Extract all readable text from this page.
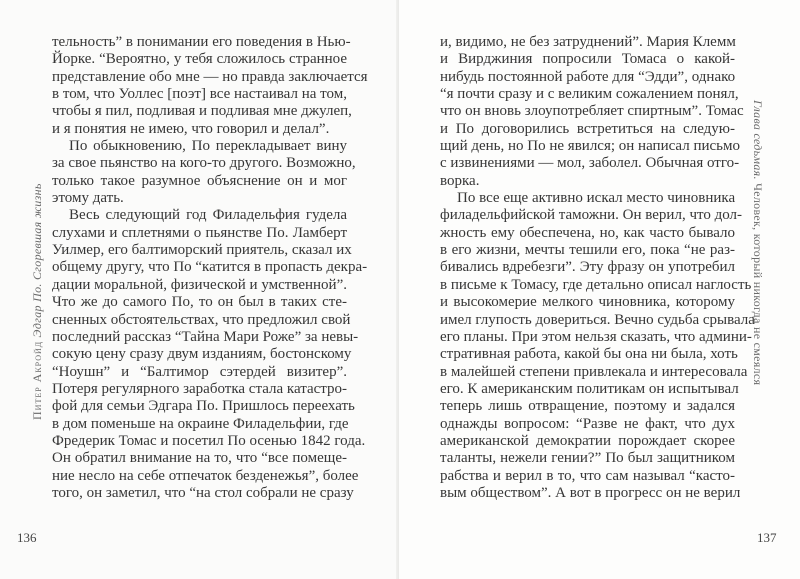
Питер Акройд Эдгар По. Сгоревшая жизнь
тельность” в понимании его поведения в Нью-
Йорке. “Вероятно, у тебя сложилось странное
представление обо мне — но правда заключается
в том, что Уоллес [поэт] все настаивал на том,
чтобы я пил, подливая и подливая мне джулеп,
и я понятия не имею, что говорил и делал”.
По обыкновению, По перекладывает вину
за свое пьянство на кого-то другого. Возможно,
только такое разумное объяснение он и мог
этому дать.
Весь следующий год Филадельфия гудела
слухами и сплетнями о пьянстве По. Ламберт
Уилмер, его балтиморский приятель, сказал их
общему другу, что По “катится в пропасть декра-
дации моральной, физической и умственной”.
Что же до самого По, то он был в таких сте-
сненных обстоятельствах, что предложил свой
последний рассказ “Тайна Мари Роже” за невы-
сокую цену сразу двум изданиям, бостонскому
“Ноушн” и “Балтимор сэтердей визитер”.
Потеря регулярного заработка стала катастро-
фой для семьи Эдгара По. Пришлось переехать
в дом поменьше на окраине Филадельфии, где
Фредерик Томас и посетил По осенью 1842 года.
Он обратил внимание на то, что “все помеще-
ние несло на себе отпечаток безденежья”, более
того, он заметил, что “на стол собрали не сразу
136
Глава седьмая. Человек, который никогда не смеялся
и, видимо, не без затруднений”. Мария Клемм
и Вирджиния попросили Томаса о какой-
нибудь постоянной работе для “Эдди”, однако
“я почти сразу и с великим сожалением понял,
что он вновь злоупотребляет спиртным”. Томас
и По договорились встретиться на следую-
щий день, но По не явился; он написал письмо
с извинениями — мол, заболел. Обычная отго-
ворка.
По все еще активно искал место чиновника
филадельфийской таможни. Он верил, что дол-
жность ему обеспечена, но, как часто бывало
в его жизни, мечты тешили его, пока “не раз-
бивались вдребезги”. Эту фразу он употребил
в письме к Томасу, где детально описал наглость
и высокомерие мелкого чиновника, которому
имел глупость довериться. Вечно судьба срывала
его планы. При этом нельзя сказать, что админи-
стративная работа, какой бы она ни была, хоть
в малейшей степени привлекала и интересовала
его. К американским политикам он испытывал
теперь лишь отвращение, поэтому и задался
однажды вопросом: “Разве не факт, что дух
американской демократии порождает скорее
таланты, нежели гении?” По был защитником
рабства и верил в то, что сам называл “касто-
вым обществом”. А вот в прогресс он не верил
137
